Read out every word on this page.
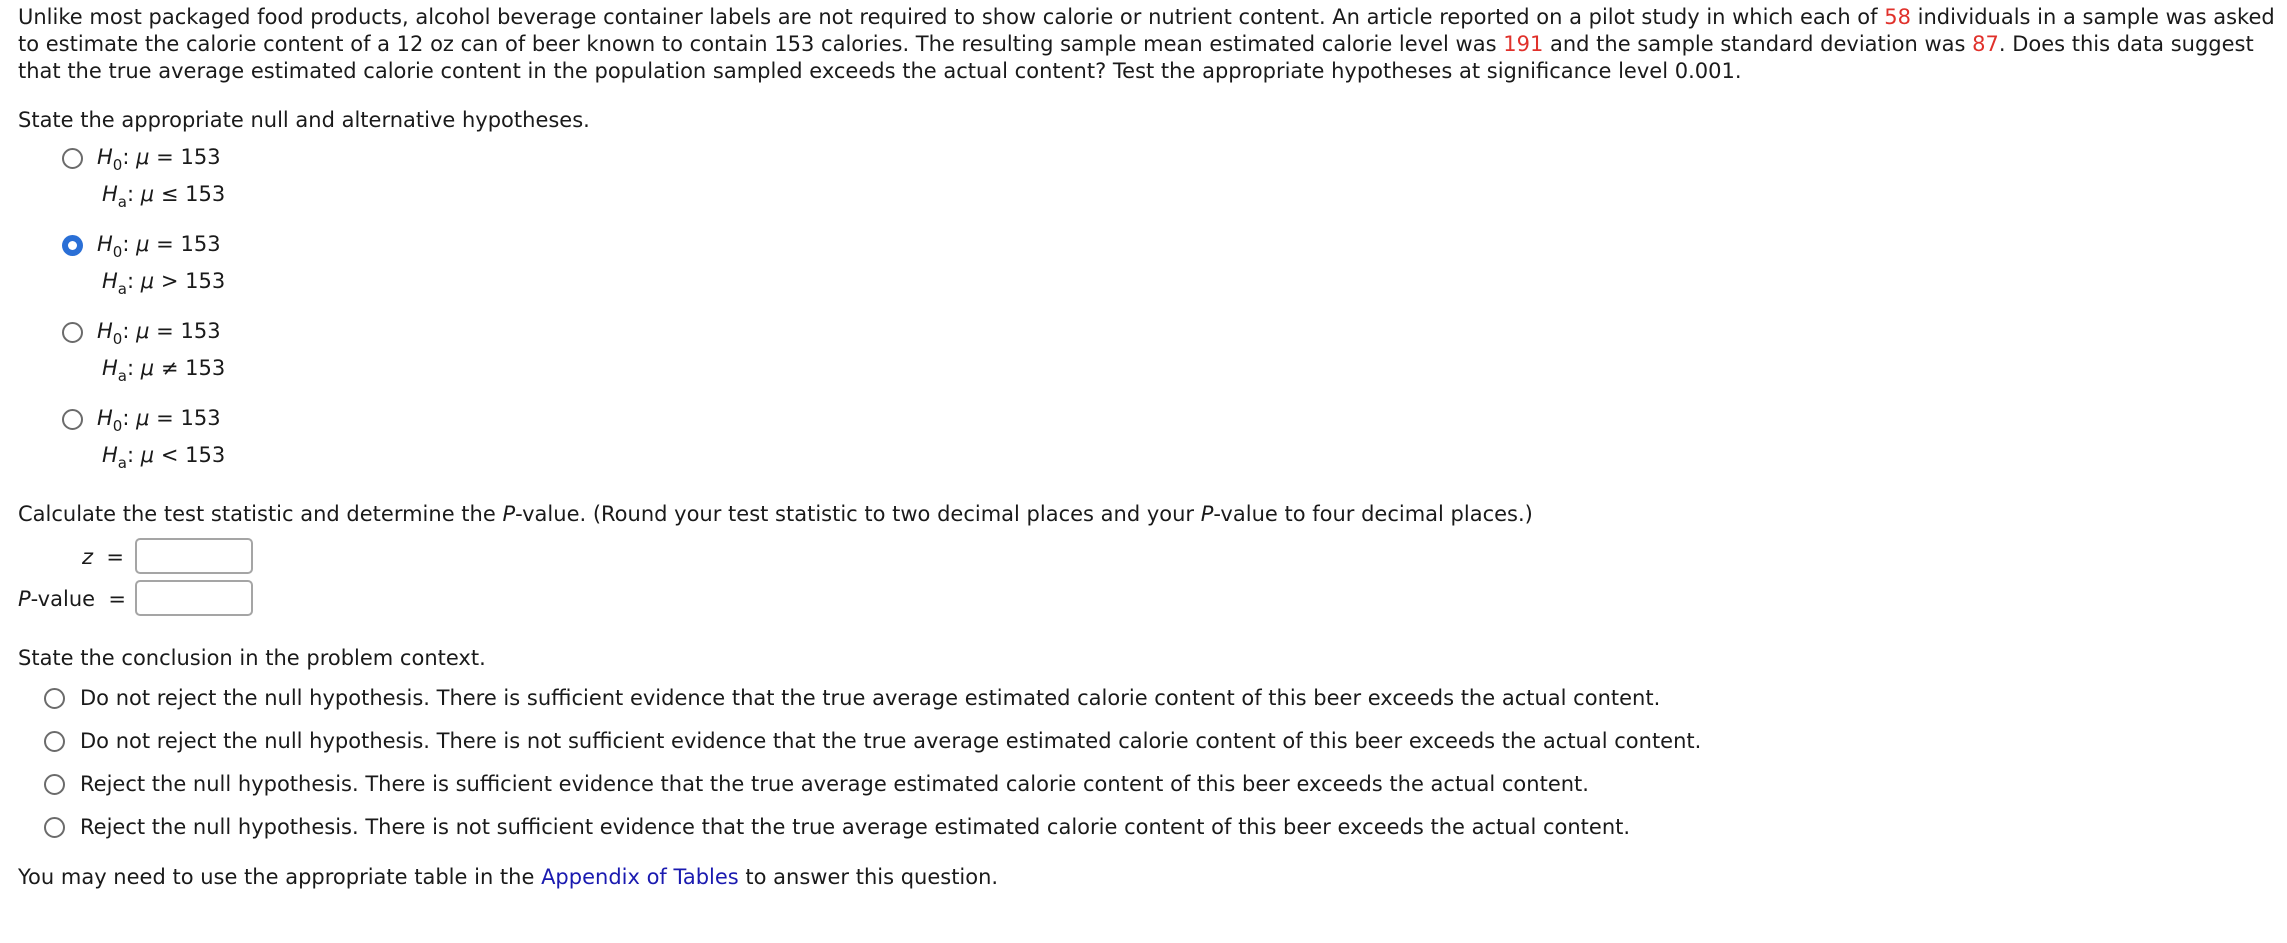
Unlike most packaged food products, alcohol beverage container labels are not required to show calorie or nutrient content. An article reported on a pilot study in which each of 58 individuals in a sample was asked to estimate the calorie content of a 12 oz can of beer known to contain 153 calories. The resulting sample mean estimated calorie level was 191 and the sample standard deviation was 87. Does this data suggest that the true average estimated calorie content in the population sampled exceeds the actual content? Test the appropriate hypotheses at significance level 0.001.

State the appropriate null and alternative hypotheses.

$H_0$: μ = 153
$H_a$: μ ≤ 153
$H_0$: μ = 153
$H_a$: μ > 153
$H_0$: μ = 153
$H_a$: μ ≠ 153
$H_0$: μ = 153
$H_a$: μ < 153

Calculate the test statistic and determine the P-value. (Round your test statistic to two decimal places and your P-value to four decimal places.)

z =
P-value =

State the conclusion in the problem context.

Do not reject the null hypothesis. There is sufficient evidence that the true average estimated calorie content of this beer exceeds the actual content.
Do not reject the null hypothesis. There is not sufficient evidence that the true average estimated calorie content of this beer exceeds the actual content.
Reject the null hypothesis. There is sufficient evidence that the true average estimated calorie content of this beer exceeds the actual content.
Reject the null hypothesis. There is not sufficient evidence that the true average estimated calorie content of this beer exceeds the actual content.

You may need to use the appropriate table in the Appendix of Tables to answer this question.
